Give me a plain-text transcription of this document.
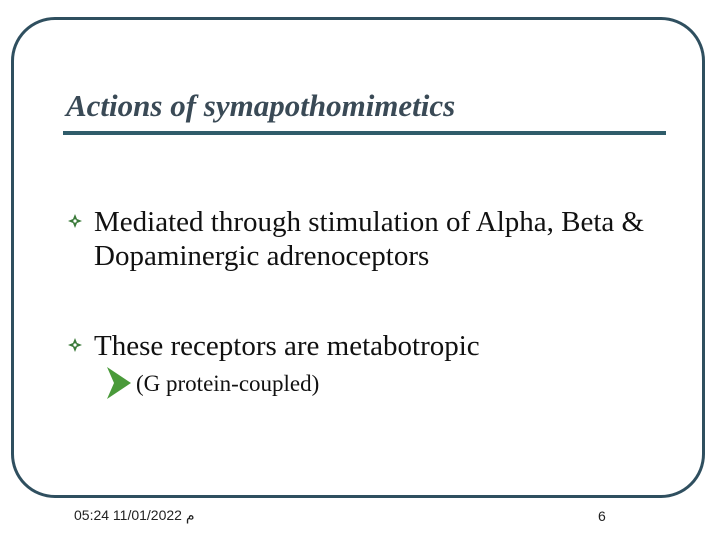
Actions of symapothomimetics
Mediated through stimulation of Alpha, Beta & Dopaminergic adrenoceptors
These receptors are metabotropic
(G protein-coupled)
05:24 11/01/2022 م	6
